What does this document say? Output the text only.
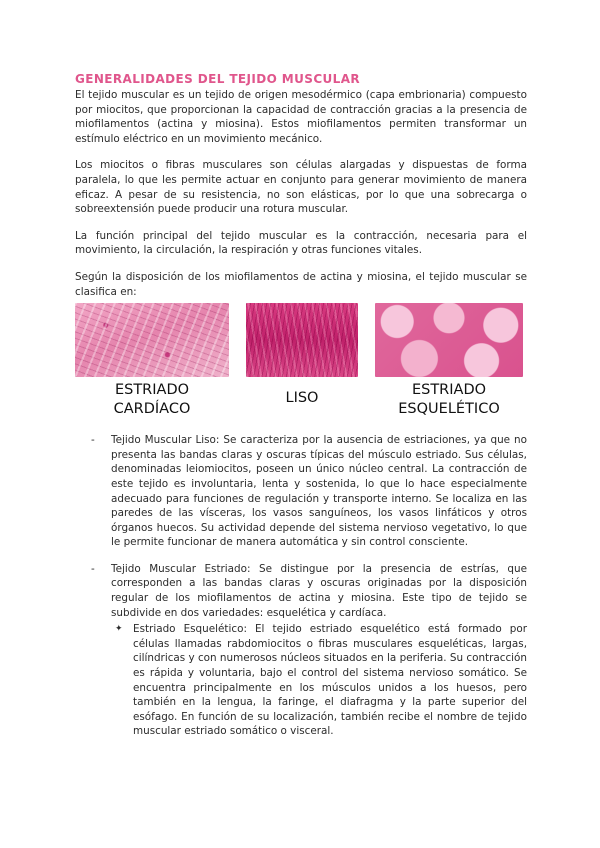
GENERALIDADES DEL TEJIDO MUSCULAR

El tejido muscular es un tejido de origen mesodérmico (capa embrionaria) compuesto por miocitos, que proporcionan la capacidad de contracción gracias a la presencia de miofilamentos (actina y miosina). Estos miofilamentos permiten transformar un estímulo eléctrico en un movimiento mecánico.

Los miocitos o fibras musculares son células alargadas y dispuestas de forma paralela, lo que les permite actuar en conjunto para generar movimiento de manera eficaz. A pesar de su resistencia, no son elásticas, por lo que una sobrecarga o sobreextensión puede producir una rotura muscular.

La función principal del tejido muscular es la contracción, necesaria para el movimiento, la circulación, la respiración y otras funciones vitales.

Según la disposición de los miofilamentos de actina y miosina, el tejido muscular se clasifica en:

ESTRIADO
CARDÍACO
LISO	ESTRIADO
ESQUELÉTICO
- Tejido Muscular Liso: Se caracteriza por la ausencia de estriaciones, ya que no presenta las bandas claras y oscuras típicas del músculo estriado. Sus células, denominadas leiomiocitos, poseen un único núcleo central. La contracción de este tejido es involuntaria, lenta y sostenida, lo que lo hace especialmente adecuado para funciones de regulación y transporte interno. Se localiza en las paredes de las vísceras, los vasos sanguíneos, los vasos linfáticos y otros órganos huecos. Su actividad depende del sistema nervioso vegetativo, lo que le permite funcionar de manera automática y sin control consciente.

- Tejido Muscular Estriado: Se distingue por la presencia de estrías, que corresponden a las bandas claras y oscuras originadas por la disposición regular de los miofilamentos de actina y miosina. Este tipo de tejido se subdivide en dos variedades: esquelética y cardíaca.

✦ Estriado Esquelético: El tejido estriado esquelético está formado por células llamadas rabdomiocitos o fibras musculares esqueléticas, largas, cilíndricas y con numerosos núcleos situados en la periferia. Su contracción es rápida y voluntaria, bajo el control del sistema nervioso somático. Se encuentra principalmente en los músculos unidos a los huesos, pero también en la lengua, la faringe, el diafragma y la parte superior del esófago. En función de su localización, también recibe el nombre de tejido muscular estriado somático o visceral.
